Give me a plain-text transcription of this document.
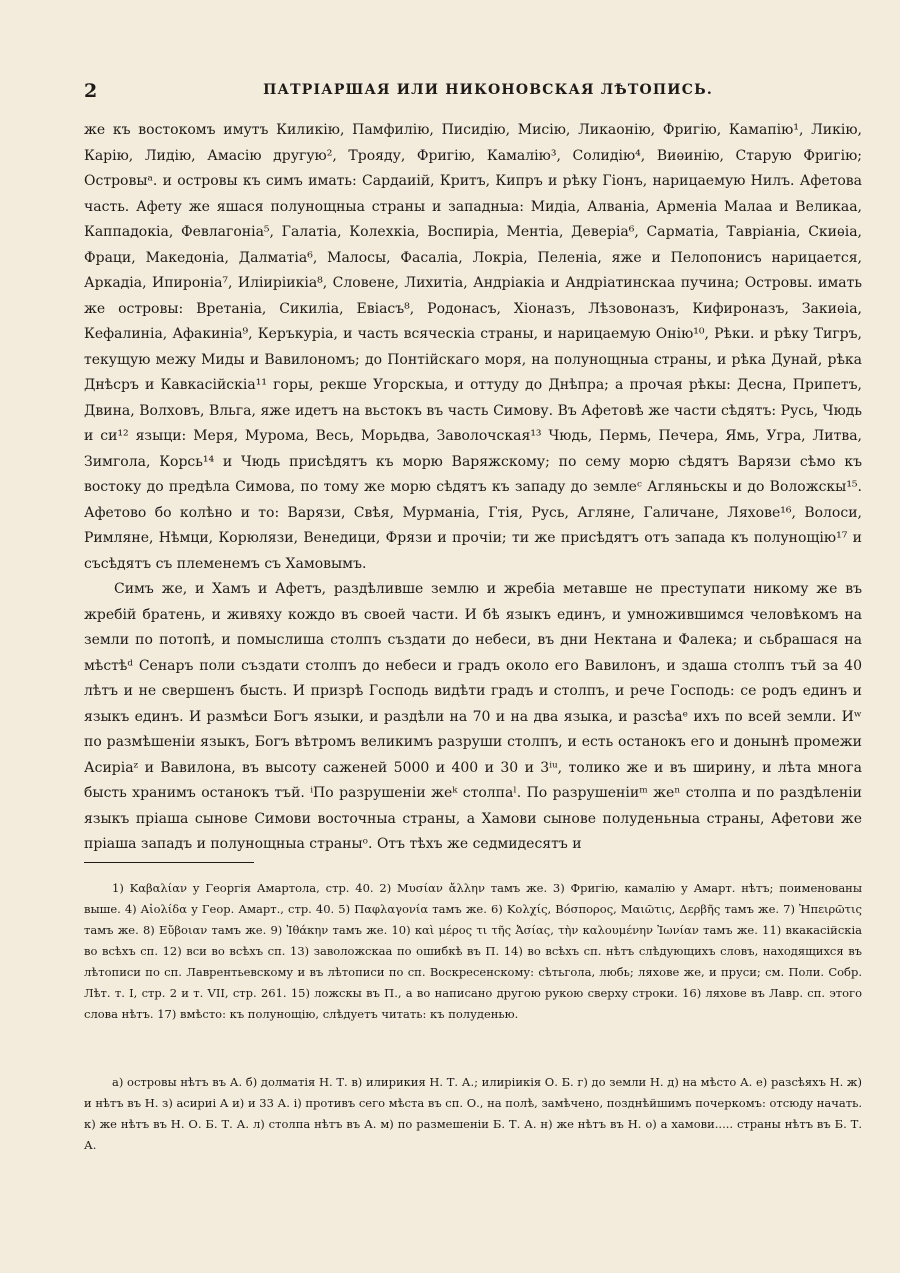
2	ПАТРІАРШАЯ ИЛИ НИКОНОВСКАЯ ЛѢТОПИСЬ.

же къ востокомъ имутъ Киликію, Памфилію, Писидію, Мисію, Ликаонію, Фригію, Камапію¹, Ликію, Карію, Лидію, Амасію другую², Трояду, Фригію, Камалію³, Солидію⁴, Виѳинію, Старую Фригію; Островыᵃ. и островы къ симъ имать: Сардаиій, Критъ, Кипръ и рѣку Гіонъ, нарицаемую Нилъ. Афетова часть. Афету же яшася полунощныа страны и западныа: Мидіа, Алваніа, Арменіа Малаа и Великаа, Каппадокіа, Февлагоніа⁵, Галатіа, Колехкіа, Воспиріа, Ментіа, Деверіа⁶, Сарматіа, Тавріаніа, Скиѳіа, Фраци, Македоніа, Далматіа⁶, Малосы, Фасаліа, Локріа, Пеленіа, яже и Пелопонисъ нарицается, Аркадіа, Ипироніа⁷, Иліиріикіа⁸, Словене, Лихитіа, Андріакіа и Андріатинскаа пучина; Островы. имать же островы: Вретаніа, Сикиліа, Евіасъ⁸, Родонасъ, Хіоназъ, Лѣзовоназъ, Кифироназъ, Закиѳіа, Кефалиніа, Афакиніа⁹, Керъкуріа, и часть всяческіа страны, и нарицаемую Онію¹⁰, Рѣки. и рѣку Тигръ, текущую межу Миды и Вавилономъ; до Понтійскаго моря, на полунощныа страны, и рѣка Дунай, рѣка Днѣсръ и Кавкасійскіа¹¹ горы, рекше Угорскыа, и оттуду до Днѣпра; а прочая рѣкы: Десна, Припетъ, Двина, Волховъ, Вльга, яже идетъ на вьстокъ въ часть Симову. Въ Афетовѣ же части сѣдятъ: Русь, Чюдь и си¹² языци: Меря, Мурома, Весь, Морьдва, Заволочская¹³ Чюдь, Пермь, Печера, Ямь, Угра, Литва, Зимгола, Корсь¹⁴ и Чюдь присѣдятъ къ морю Варяжскому; по сему морю сѣдятъ Варязи сѣмо къ востоку до предѣла Симова, по тому же морю сѣдятъ къ западу до землеᶜ Агляньскы и до Воложскы¹⁵. Афетово бо колѣно и то: Варязи, Свѣя, Мурманіа, Гтія, Русь, Агляне, Галичане, Ляхове¹⁶, Волоси, Римляне, Нѣмци, Корюлязи, Венедици, Фрязи и прочіи; ти же присѣдятъ отъ запада къ полунощію¹⁷ и съсѣдятъ съ племенемъ съ Хамовымъ.

Симъ же, и Хамъ и Афетъ, раздѣливше землю и жребіа метавше не преступати никому же въ жребій братень, и живяху кождо въ своей части. И бѣ языкъ единъ, и умножившимся человѣкомъ на земли по потопѣ, и помыслиша столпъ създати до небеси, въ дни Нектана и Фалека; и сьбрашася на мѣстѣᵈ Сенаръ поли създати столпъ до небеси и градъ около его Вавилонъ, и здаша столпъ тъй за 40 лѣтъ и не свершенъ бысть. И призрѣ Господь видѣти градъ и столпъ, и рече Господь: се родъ единъ и языкъ единъ. И размѣси Богъ языки, и раздѣли на 70 и на два языка, и разсѣаᵉ ихъ по всей земли. Иʷ по размѣшеніи языкъ, Богъ вѣтромъ великимъ разруши столпъ, и есть останокъ его и донынѣ промежи Асиріаᶻ и Вавилона, въ высоту саженей 5000 и 400 и 30 и 3ⁱᵘ, толико же и въ ширину, и лѣта многа бысть хранимъ останокъ тъй. ⁱПо разрушеніи жеᵏ столпаˡ. По разрушеніиᵐ жеⁿ столпа и по раздѣленіи языкъ пріаша сынове Симови восточныа страны, а Хамови сынове полуденьныа страны, Афетови же пріаша западъ и полунощныа страныᵒ. Отъ тѣхъ же седмидесятъ и

1) Καβαλίαν у Георгія Амартола, стр. 40. 2) Μυσίαν ἄλλην тамъ же. 3) Фригію, камалію у Амарт. нѣтъ; поименованы выше. 4) Αἰολίδα у Геор. Амарт., стр. 40. 5) Παφλαγονία тамъ же. 6) Κολχίς, Βόσπορος, Μαιῶτις, Δερβῆς тамъ же. 7) Ἠπειρῶτις тамъ же. 8) Εὔβοιαν тамъ же. 9) Ἰθάκην тамъ же. 10) καὶ μέρος τι τῆς Ἀσίας, τὴν καλουμένην Ἰωνίαν тамъ же. 11) вкакасійскіа во всѣхъ сп. 12) вси во всѣхъ сп. 13) заволожскаа по ошибкѣ въ П. 14) во всѣхъ сп. нѣтъ слѣдующихъ словъ, находящихся въ лѣтописи по сп. Лаврентьевскому и въ лѣтописи по сп. Воскресенскому: сѣтьгола, любь; ляхове же, и пруси; см. Поли. Собр. Лѣт. т. I, стр. 2 и т. VII, стр. 261. 15) ложскы въ П., а во написано другою рукою сверху строки. 16) ляхове въ Лавр. сп. этого слова нѣтъ. 17) вмѣсто: къ полунощію, слѣдуетъ читать: къ полуденью.

а) островы нѣтъ въ А. б) долматія Н. Т. в) илирикия Н. Т. А.; илиріикія О. Б. г) до земли Н. д) на мѣсто А. е) разсѣяхъ Н. ж) и нѣтъ въ Н. з) асириі А и) и 33 А. і) противъ сего мѣста въ сп. О., на полѣ, замѣчено, позднѣйшимъ почеркомъ: отсюду начать. к) же нѣтъ въ Н. О. Б. Т. А. л) столпа нѣтъ въ А. м) по размешеніи Б. Т. А. н) же нѣтъ въ Н. о) а хамови..... страны нѣтъ въ Б. Т. А.
